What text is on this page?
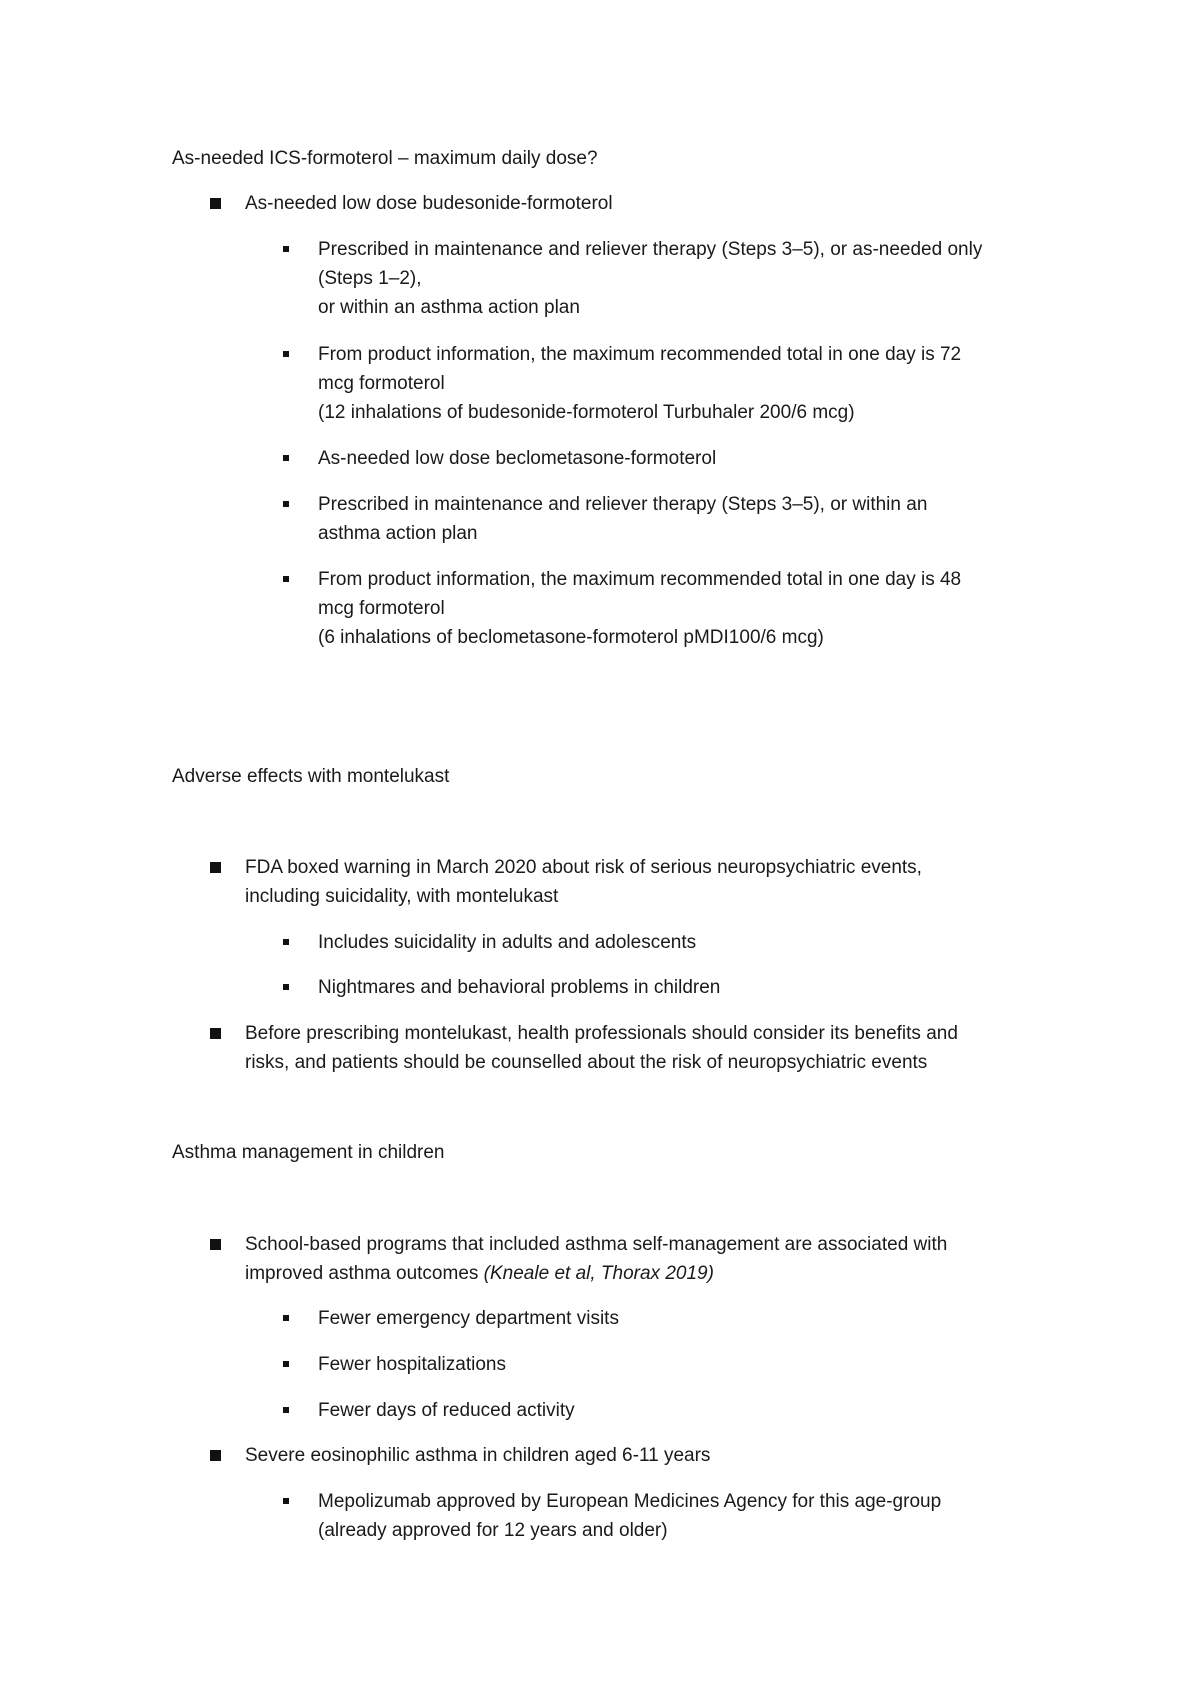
As-needed ICS-formoterol – maximum daily dose?
As-needed low dose budesonide-formoterol
Prescribed in maintenance and reliever therapy (Steps 3–5), or as-needed only
(Steps 1–2),
or within an asthma action plan
From product information, the maximum recommended total in one day is 72
mcg formoterol
(12 inhalations of budesonide-formoterol Turbuhaler 200/6 mcg)
As-needed low dose beclometasone-formoterol
Prescribed in maintenance and reliever therapy (Steps 3–5), or within an
asthma action plan
From product information, the maximum recommended total in one day is 48
mcg formoterol
(6 inhalations of beclometasone-formoterol pMDI100/6 mcg)
Adverse effects with montelukast
FDA boxed warning in March 2020 about risk of serious neuropsychiatric events,
including suicidality, with montelukast
Includes suicidality in adults and adolescents
Nightmares and behavioral problems in children
Before prescribing montelukast, health professionals should consider its benefits and
risks, and patients should be counselled about the risk of neuropsychiatric events
Asthma management in children
School-based programs that included asthma self-management are associated with
improved asthma outcomes (Kneale et al, Thorax 2019)
Fewer emergency department visits
Fewer hospitalizations
Fewer days of reduced activity
Severe eosinophilic asthma in children aged 6-11 years
Mepolizumab approved by European Medicines Agency for this age-group
(already approved for 12 years and older)
